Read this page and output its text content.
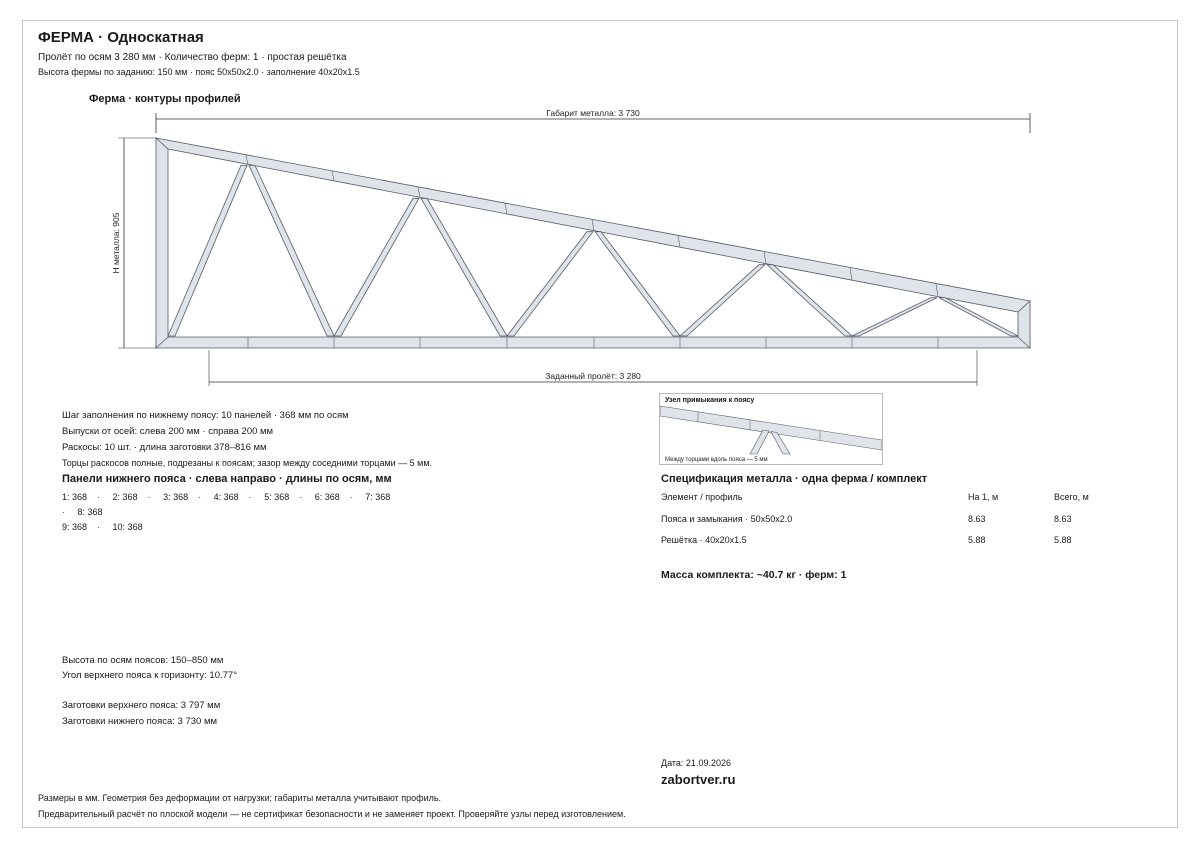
ФЕРМА · Односкатная
Пролёт по осям 3 280 мм · Количество ферм: 1 · простая решётка
Высота фермы по заданию: 150 мм · пояс 50x50x2.0 · заполнение 40x20x1.5
Ферма · контуры профилей
Габарит металла: 3 730
Н металла: 905
Заданный пролёт: 3 280
Шаг заполнения по нижнему поясу: 10 панелей · 368 мм по осям
Выпуски от осей: слева 200 мм · справа 200 мм
Раскосы: 10 шт. · длина заготовки 378–816 мм
Торцы раскосов полные, подрезаны к поясам; зазор между соседними торцами — 5 мм.
Панели нижнего пояса · слева направо · длины по осям, мм
1: 368 · 2: 368 · 3: 368 · 4: 368 · 5: 368 · 6: 368 · 7: 368· 8: 368
9: 368 · 10: 368
Узел примыкания к поясу
Между торцами вдоль пояса — 5 мм
Спецификация металла · одна ферма / комплект
Элемент / профиль	На 1, м	Всего, м
Пояса и замыкания · 50x50x2.0	8.63	8.63
Решётка · 40x20x1.5	5.88	5.88
Масса комплекта: ~40.7 кг · ферм: 1
Высота по осям поясов: 150–850 мм
Угол верхнего пояса к горизонту: 10.77°
Заготовки верхнего пояса: 3 797 мм
Заготовки нижнего пояса: 3 730 мм
Дата: 21.09.2026
zabortver.ru
Размеры в мм. Геометрия без деформации от нагрузки; габариты металла учитывают профиль.
Предварительный расчёт по плоской модели — не сертификат безопасности и не заменяет проект. Проверяйте узлы перед изготовлением.
